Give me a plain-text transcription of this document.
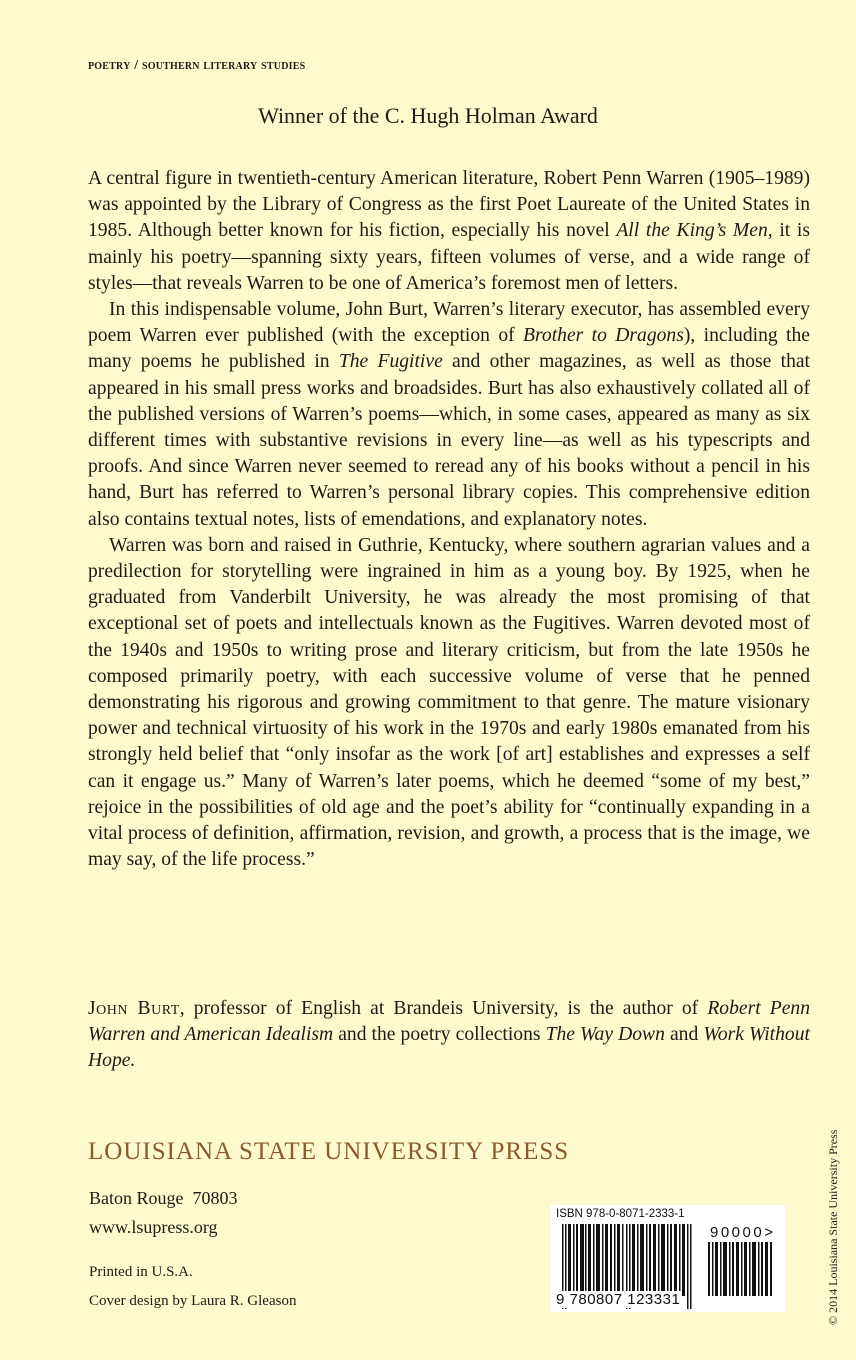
poetry / southern literary studies
Winner of the C. Hugh Holman Award

A central figure in twentieth-century American literature, Robert Penn Warren (1905–1989) was appointed by the Library of Congress as the first Poet Laureate of the United States in 1985. Although better known for his fiction, especially his novel All the King’s Men, it is mainly his poetry—spanning sixty years, fifteen volumes of verse, and a wide range of styles—that reveals Warren to be one of America’s foremost men of letters.

In this indispensable volume, John Burt, Warren’s literary executor, has assembled every poem Warren ever published (with the exception of Brother to Dragons), including the many poems he published in The Fugitive and other magazines, as well as those that appeared in his small press works and broadsides. Burt has also exhaustively collated all of the published versions of Warren’s poems—which, in some cases, appeared as many as six different times with substantive revisions in every line—as well as his typescripts and proofs. And since Warren never seemed to reread any of his books without a pencil in his hand, Burt has referred to Warren’s personal library copies. This comprehensive edition also contains textual notes, lists of emendations, and explanatory notes.

Warren was born and raised in Guthrie, Kentucky, where southern agrarian values and a predilection for storytelling were ingrained in him as a young boy. By 1925, when he graduated from Vanderbilt University, he was already the most promising of that exceptional set of poets and intellectuals known as the Fugitives. Warren devoted most of the 1940s and 1950s to writing prose and literary criticism, but from the late 1950s he composed primarily poetry, with each successive volume of verse that he penned demonstrating his rigorous and growing commitment to that genre. The mature visionary power and technical virtuosity of his work in the 1970s and early 1980s emanated from his strongly held belief that “only insofar as the work [of art] establishes and expresses a self can it engage us.” Many of Warren’s later poems, which he deemed “some of my best,” rejoice in the possibilities of old age and the poet’s ability for “continually expanding in a vital process of definition, affirmation, revision, and growth, a process that is the image, we may say, of the life process.”

John Burt, professor of English at Brandeis University, is the author of Robert Penn Warren and American Idealism and the poetry collections The Way Down and Work Without Hope.
LOUISIANA STATE UNIVERSITY PRESS
Baton Rouge  70803
www.lsupress.org
Printed in U.S.A.
Cover design by Laura R. Gleason
ISBN 978-0-8071-2333-1
9 780807 123331
90000>	© 2014 Louisiana State University Press
